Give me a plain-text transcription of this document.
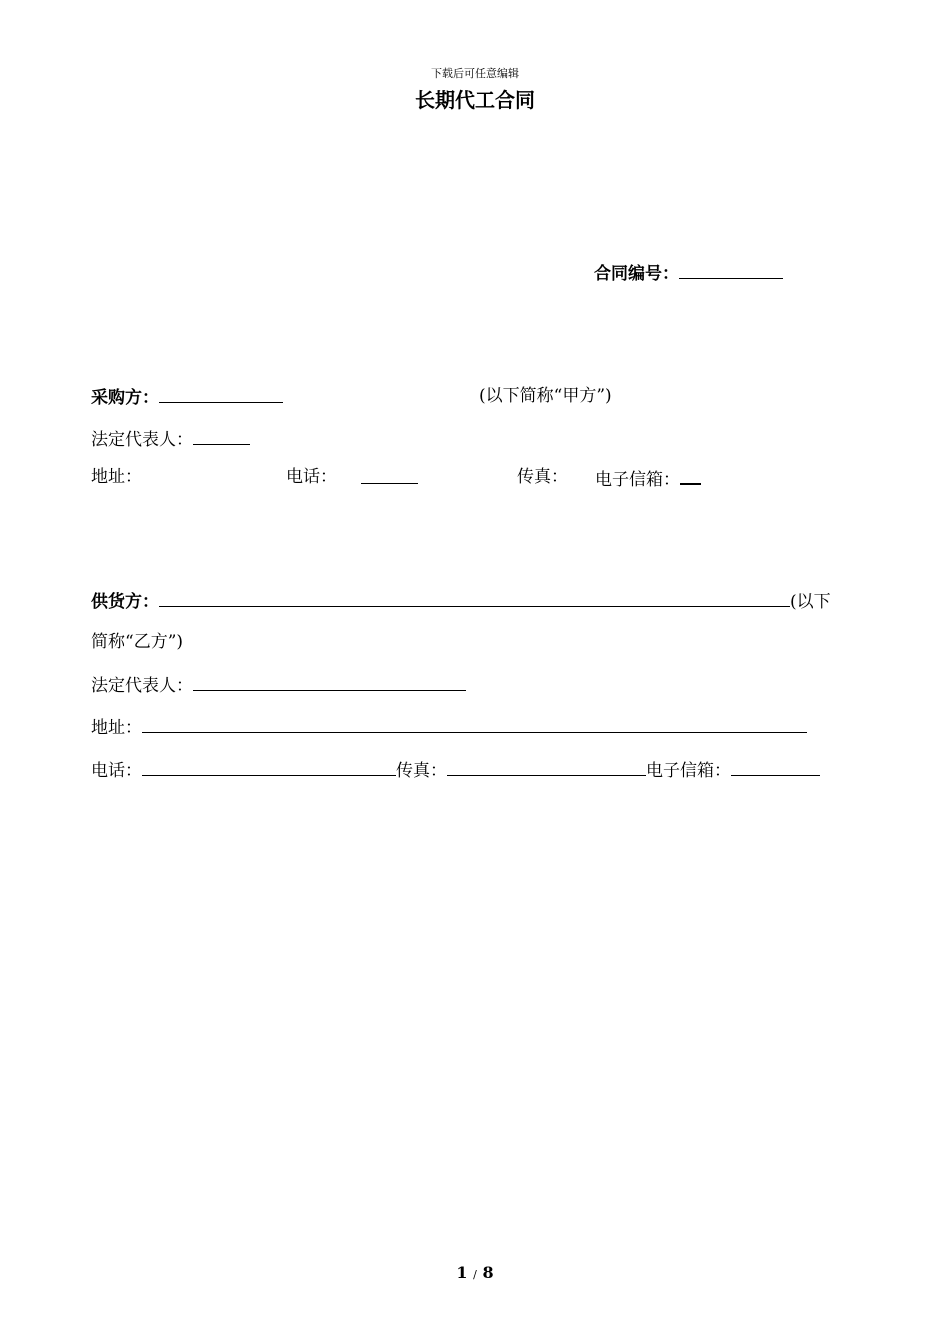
下载后可任意编辑
长期代工合同
合同编号：
采购方：	(以下简称“甲方”)
法定代表人：
地址：	电话：	传真： 电子信箱：
供货方：	(以下
简称“乙方”)
法定代表人：
地址：
电话：	传真：	电子信箱：
1 / 8
